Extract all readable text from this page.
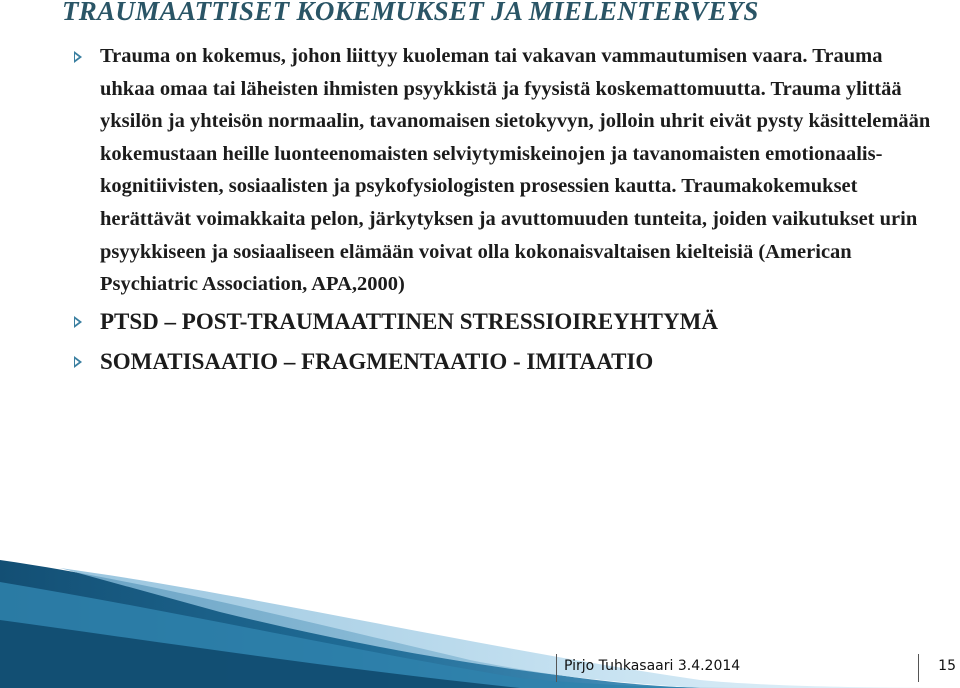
TRAUMAATTISET KOKEMUKSET JA MIELENTERVEYS
Trauma on kokemus, johon liittyy kuoleman tai vakavan vammautumisen vaara. Trauma uhkaa omaa tai läheisten ihmisten psyykkistä ja fyysistä koskemattomuutta. Trauma ylittää yksilön ja yhteisön normaalin, tavanomaisen sietokyvyn, jolloin uhrit eivät pysty käsittelemään kokemustaan heille luonteenomaisten selviytymiskeinojen ja tavanomaisten emotionaalis-kognitiivisten, sosiaalisten ja psykofysiologisten prosessien kautta. Traumakokemukset herättävät voimakkaita pelon, järkytyksen ja avuttomuuden tunteita, joiden vaikutukset urin psyykkiseen ja sosiaaliseen elämään voivat olla kokonaisvaltaisen kielteisiä (American Psychiatric Association, APA,2000)
PTSD – POST-TRAUMAATTINEN STRESSIOIREYHTYMÄ
SOMATISAATIO – FRAGMENTAATIO - IMITAATIO
Pirjo Tuhkasaari 3.4.2014	15
